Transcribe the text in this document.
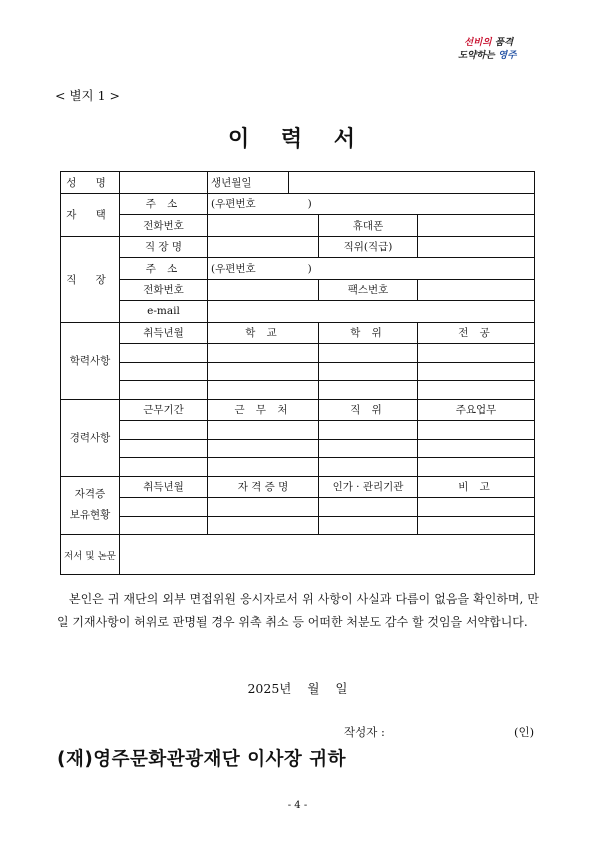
선비의 품격
도약하는 영주
< 별지 1 >
이 력 서
성 명		생년월일			
자 택	주 소	(우편번호 )			
	전화번호			휴대폰	
직 장	직 장 명			직위(직급)	
	주 소	(우편번호 )			
	전화번호			팩스번호	
	e-mail				
학력사항	취득년월	학 교		학 위	전 공

경력사항	근무기간	근 무 처		직 위	주요업무

자격증
보유현황	취득년월	자 격 증 명		인가 · 관리기관	비 고

저서 및 논문					
본인은 귀 재단의 외부 면접위원 응시자로서 위 사항이 사실과 다름이 없음을 확인하며, 만일 기재사항이 허위로 판명될 경우 위촉 취소 등 어떠한 처분도 감수 할 것임을 서약합니다.
2025년 월 일
작성자 :	(인)
(재)영주문화관광재단 이사장 귀하
- 4 -
